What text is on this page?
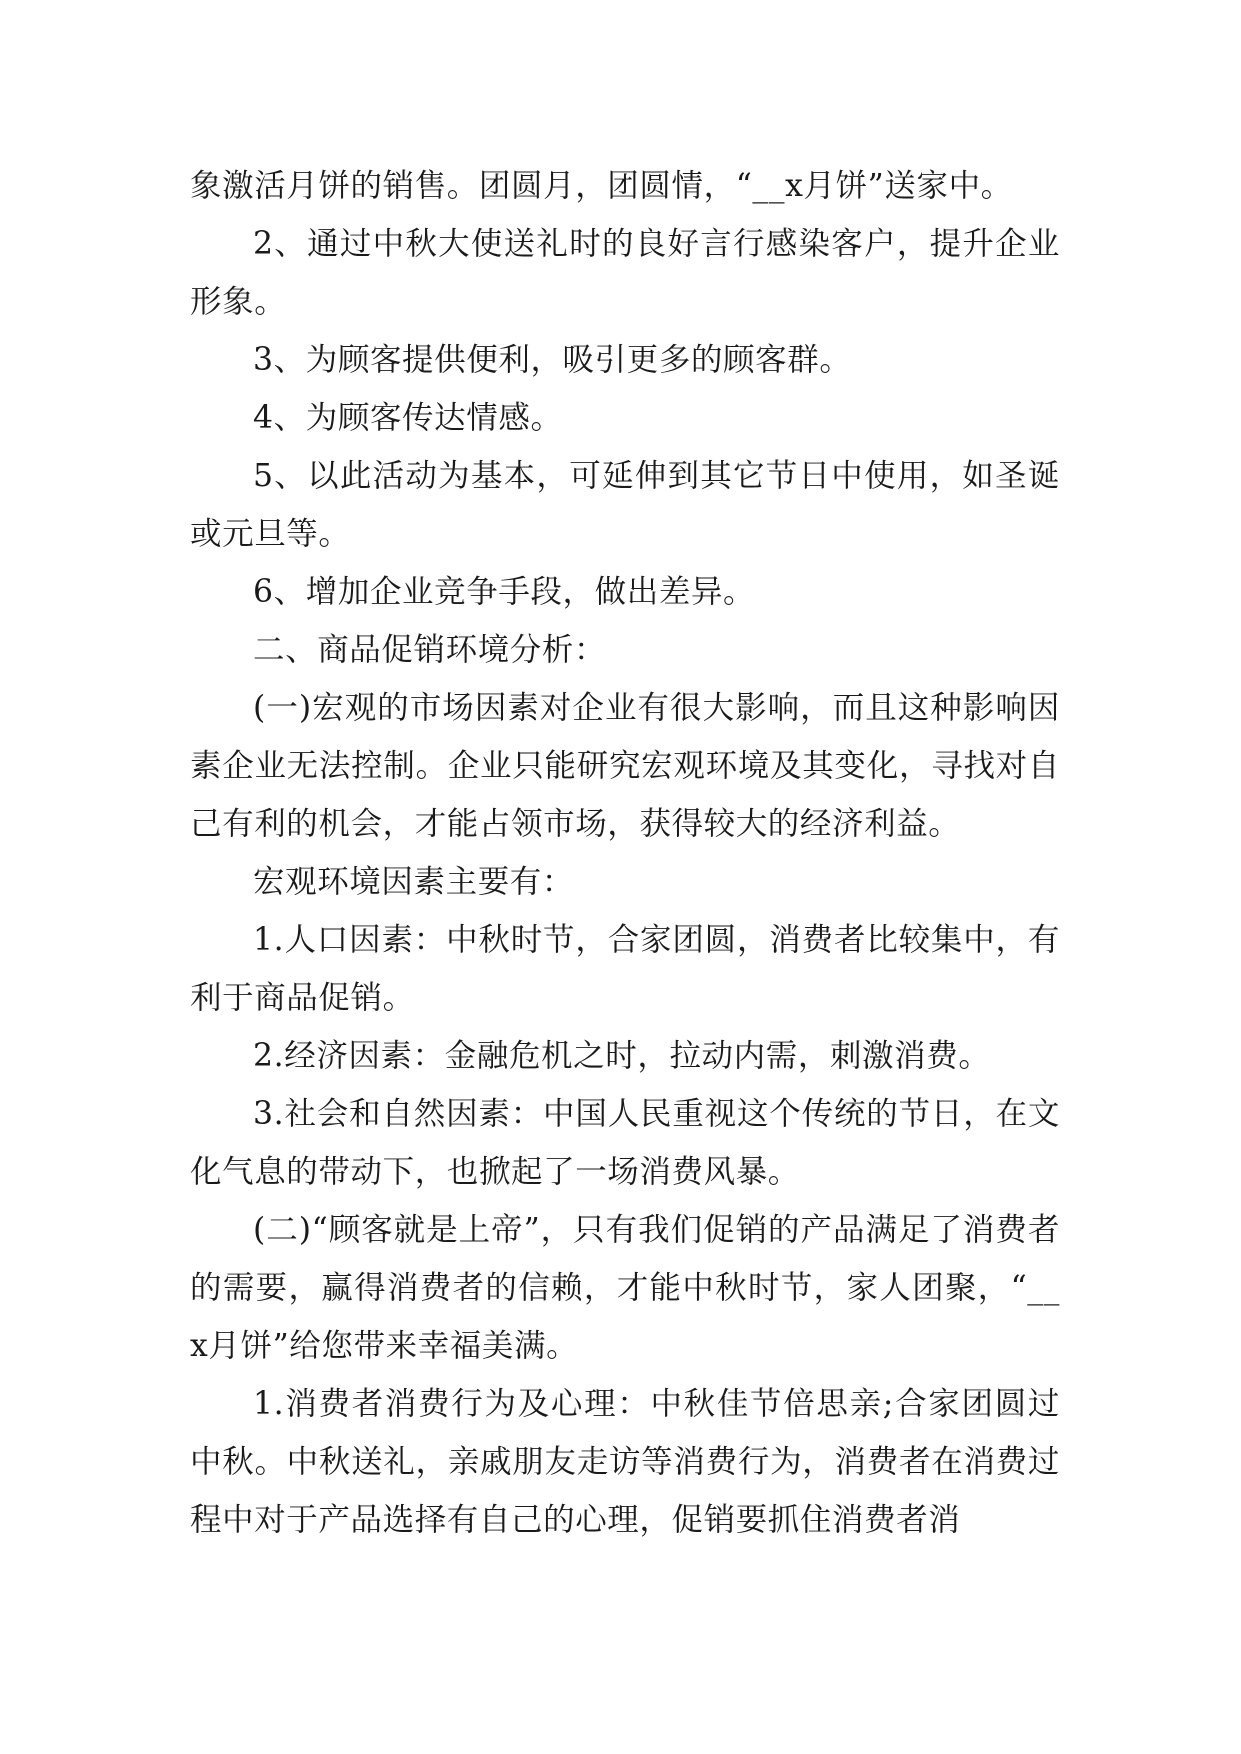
象激活月饼的销售。团圆月，团圆情，“__x月饼”送家中。

2、通过中秋大使送礼时的良好言行感染客户，提升企业形象。

3、为顾客提供便利，吸引更多的顾客群。

4、为顾客传达情感。

5、以此活动为基本，可延伸到其它节日中使用，如圣诞或元旦等。

6、增加企业竞争手段，做出差异。

二、商品促销环境分析：

(一)宏观的市场因素对企业有很大影响，而且这种影响因素企业无法控制。企业只能研究宏观环境及其变化，寻找对自己有利的机会，才能占领市场，获得较大的经济利益。

宏观环境因素主要有：

1.人口因素：中秋时节，合家团圆，消费者比较集中，有利于商品促销。

2.经济因素：金融危机之时，拉动内需，刺激消费。

3.社会和自然因素：中国人民重视这个传统的节日，在文化气息的带动下，也掀起了一场消费风暴。

(二)“顾客就是上帝”，只有我们促销的产品满足了消费者的需要，赢得消费者的信赖，才能中秋时节，家人团聚，“__x月饼”给您带来幸福美满。

1.消费者消费行为及心理：中秋佳节倍思亲;合家团圆过中秋。中秋送礼，亲戚朋友走访等消费行为，消费者在消费过程中对于产品选择有自己的心理，促销要抓住消费者消
